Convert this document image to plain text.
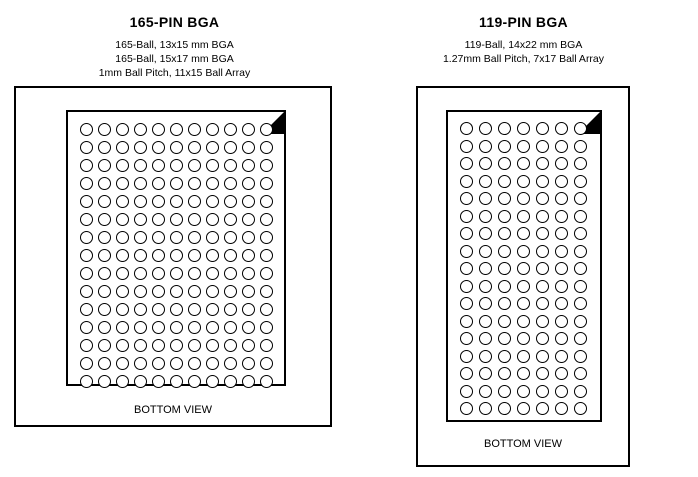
165-PIN BGA
165-Ball, 13x15 mm BGA
165-Ball, 15x17 mm BGA
1mm Ball Pitch, 11x15 Ball Array
BOTTOM VIEW
119-PIN BGA
119-Ball, 14x22 mm BGA
1.27mm Ball Pitch, 7x17 Ball Array
BOTTOM VIEW
